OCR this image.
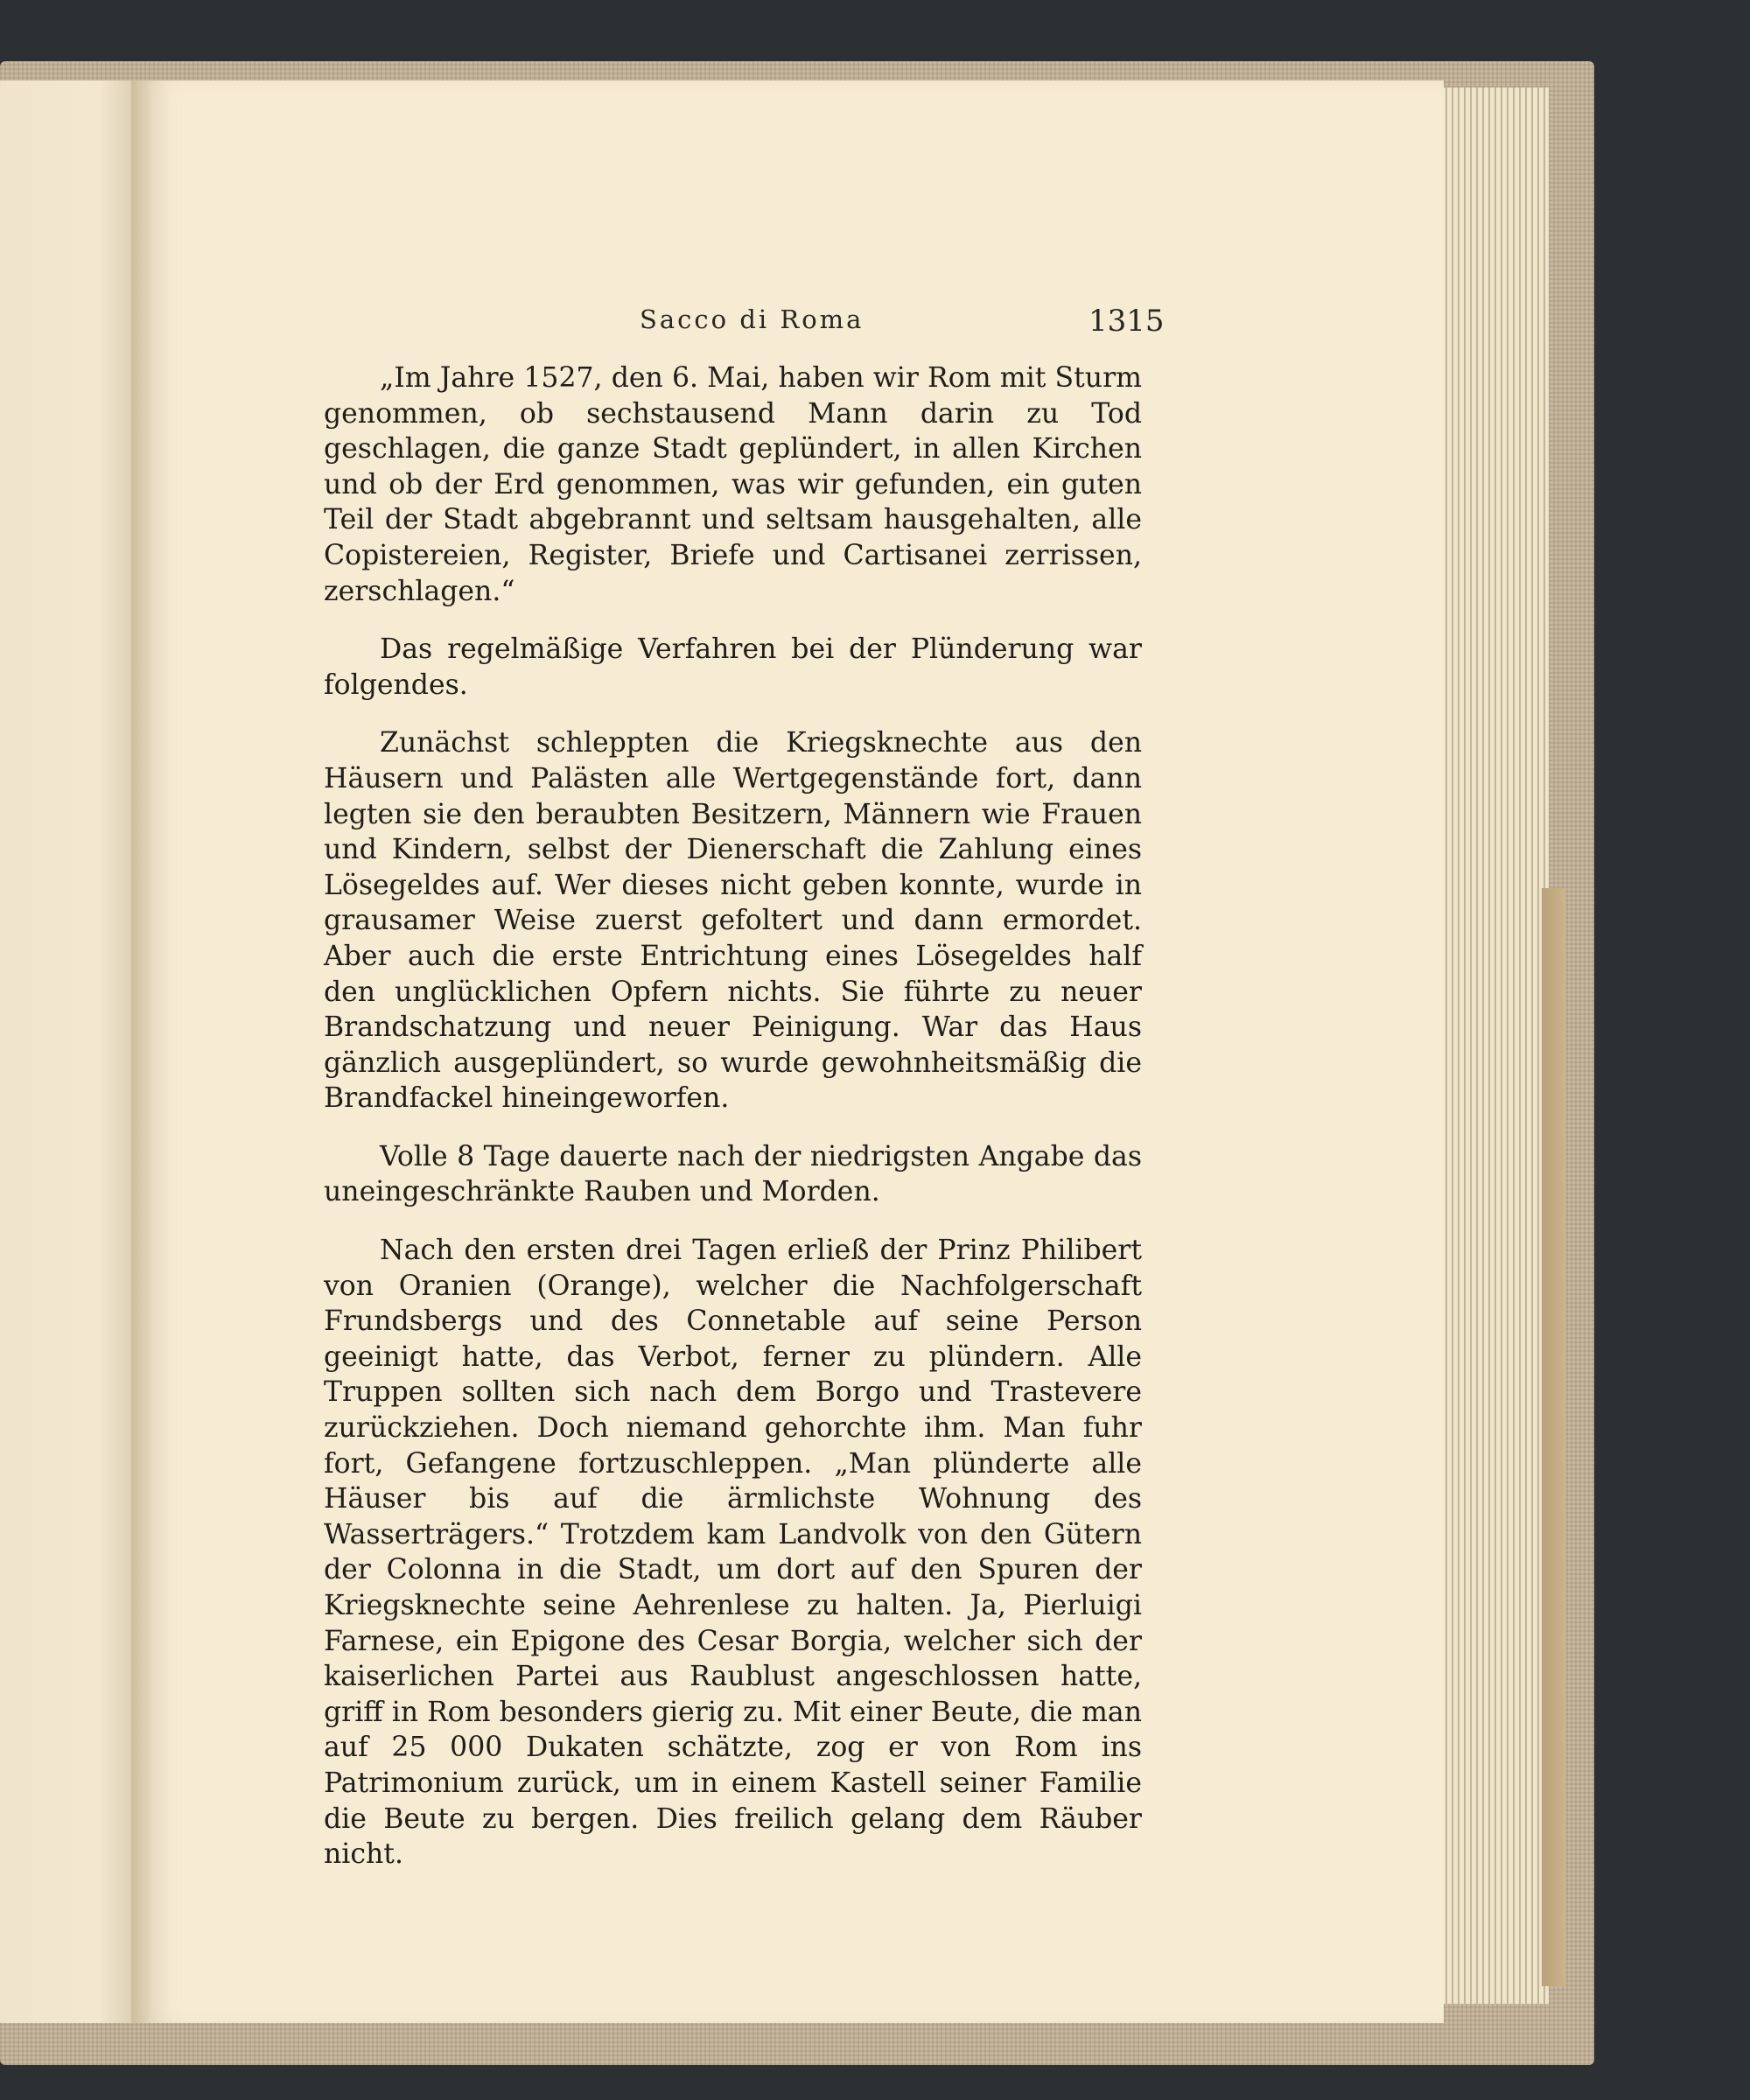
Sacco di Roma	1315

„Im Jahre 1527, den 6. Mai, haben wir Rom mit Sturm genommen, ob sechstausend Mann darin zu Tod geschlagen, die ganze Stadt geplündert, in allen Kirchen und ob der Erd genommen, was wir gefunden, ein guten Teil der Stadt abgebrannt und seltsam hausgehalten, alle Copistereien, Register, Briefe und Cartisanei zerrissen, zerschlagen.“

Das regelmäßige Verfahren bei der Plünderung war folgendes.

Zunächst schleppten die Kriegsknechte aus den Häusern und Palästen alle Wertgegenstände fort, dann legten sie den beraubten Besitzern, Männern wie Frauen und Kindern, selbst der Dienerschaft die Zahlung eines Lösegeldes auf. Wer dieses nicht geben konnte, wurde in grausamer Weise zuerst gefoltert und dann ermordet. Aber auch die erste Entrichtung eines Lösegeldes half den unglücklichen Opfern nichts. Sie führte zu neuer Brandschatzung und neuer Peinigung. War das Haus gänzlich ausgeplündert, so wurde gewohnheitsmäßig die Brandfackel hineingeworfen.

Volle 8 Tage dauerte nach der niedrigsten Angabe das uneingeschränkte Rauben und Morden.

Nach den ersten drei Tagen erließ der Prinz Philibert von Oranien (Orange), welcher die Nachfolgerschaft Frundsbergs und des Connetable auf seine Person geeinigt hatte, das Verbot, ferner zu plündern. Alle Truppen sollten sich nach dem Borgo und Trastevere zurückziehen. Doch niemand gehorchte ihm. Man fuhr fort, Gefangene fortzuschleppen. „Man plünderte alle Häuser bis auf die ärmlichste Wohnung des Wasserträgers.“ Trotzdem kam Landvolk von den Gütern der Colonna in die Stadt, um dort auf den Spuren der Kriegsknechte seine Aehrenlese zu halten. Ja, Pierluigi Farnese, ein Epigone des Cesar Borgia, welcher sich der kaiserlichen Partei aus Raublust angeschlossen hatte, griff in Rom besonders gierig zu. Mit einer Beute, die man auf 25 000 Dukaten schätzte, zog er von Rom ins Patrimonium zurück, um in einem Kastell seiner Familie die Beute zu bergen. Dies freilich gelang dem Räuber nicht.
